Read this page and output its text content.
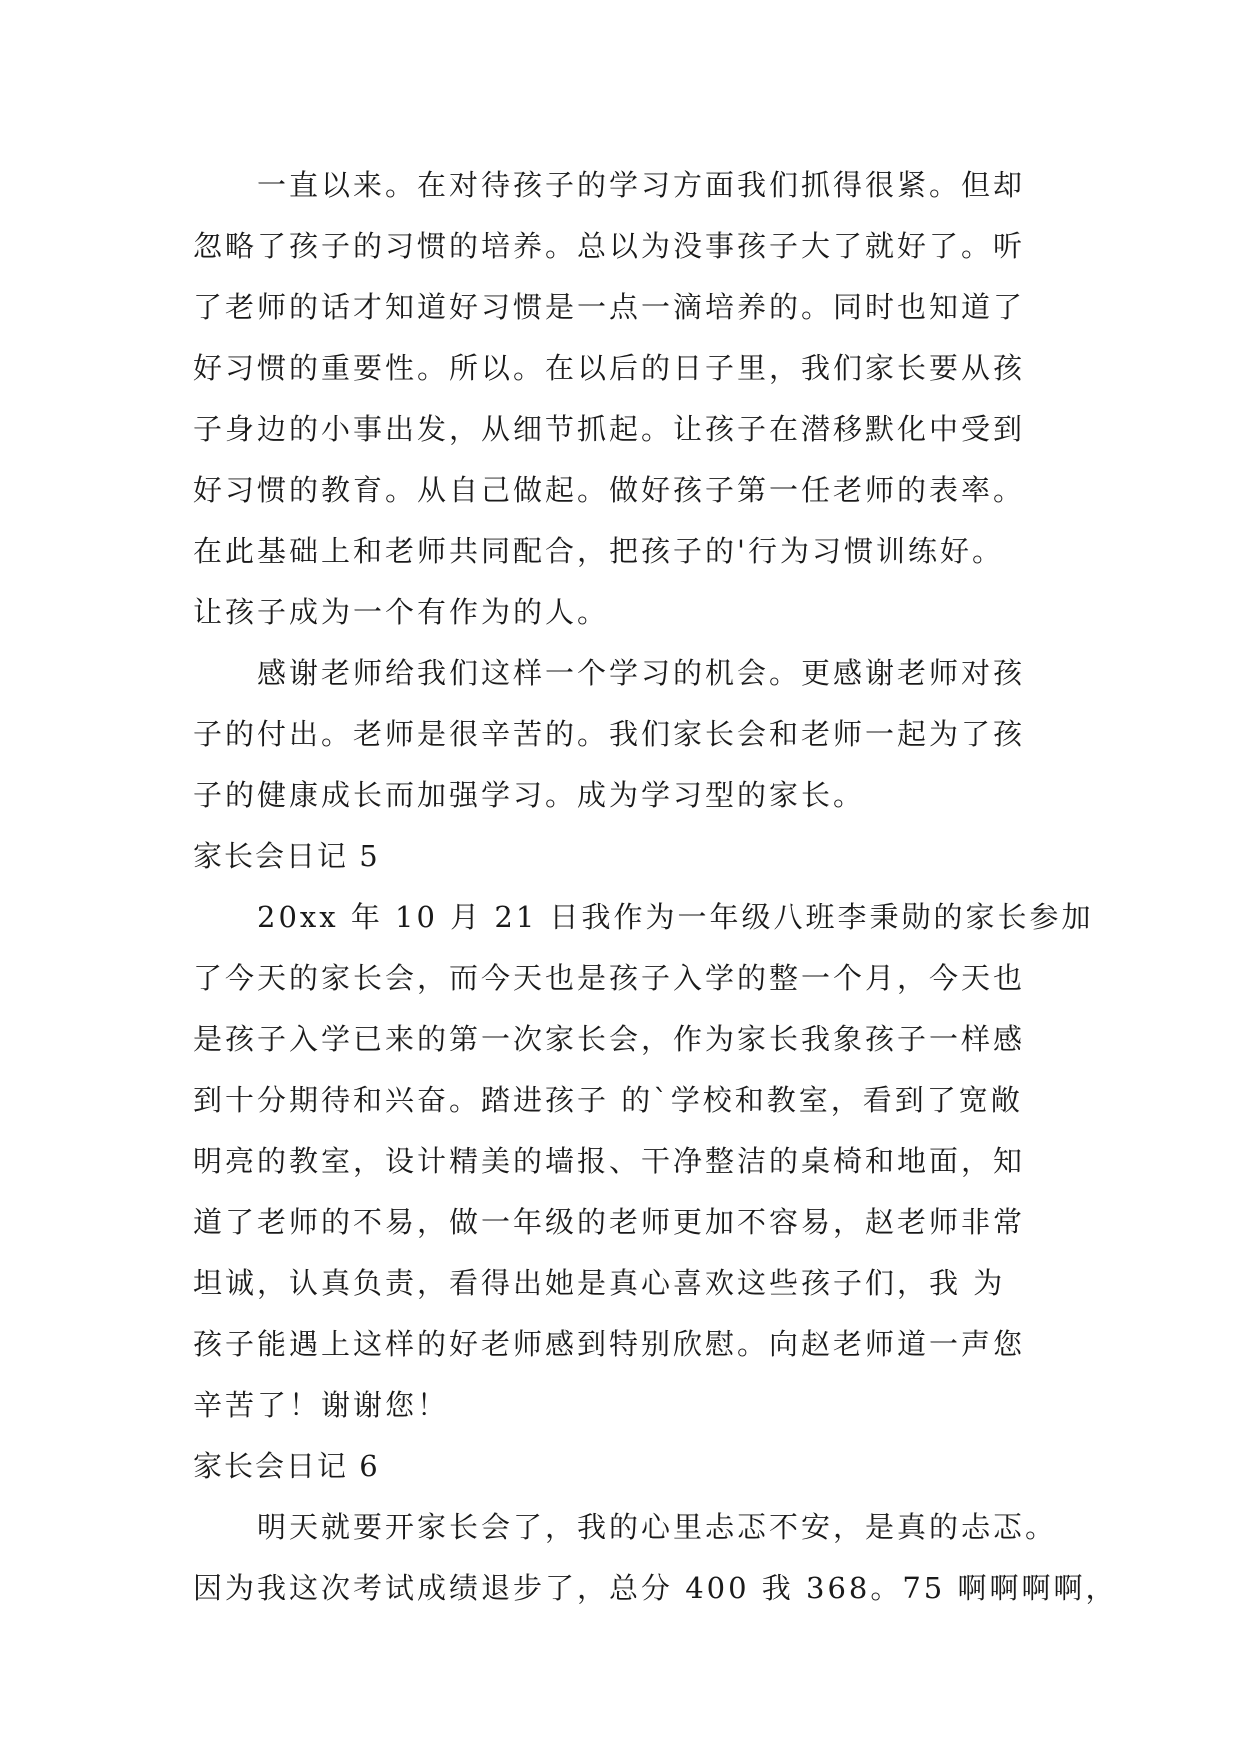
一直以来。在对待孩子的学习方面我们抓得很紧。但却
忽略了孩子的习惯的培养。总以为没事孩子大了就好了。听
了老师的话才知道好习惯是一点一滴培养的。同时也知道了
好习惯的重要性。所以。在以后的日子里，我们家长要从孩
子身边的小事出发，从细节抓起。让孩子在潜移默化中受到
好习惯的教育。从自己做起。做好孩子第一任老师的表率。
在此基础上和老师共同配合，把孩子的'行为习惯训练好。
让孩子成为一个有作为的人。
感谢老师给我们这样一个学习的机会。更感谢老师对孩
子的付出。老师是很辛苦的。我们家长会和老师一起为了孩
子的健康成长而加强学习。成为学习型的家长。
家长会日记 5
20xx 年 10 月 21 日我作为一年级八班李秉勋的家长参加
了今天的家长会，而今天也是孩子入学的整一个月，今天也
是孩子入学已来的第一次家长会，作为家长我象孩子一样感
到十分期待和兴奋。踏进孩子 的`学校和教室，看到了宽敞
明亮的教室，设计精美的墙报、干净整洁的桌椅和地面，知
道了老师的不易，做一年级的老师更加不容易，赵老师非常
坦诚，认真负责，看得出她是真心喜欢这些孩子们，我 为
孩子能遇上这样的好老师感到特别欣慰。向赵老师道一声您
辛苦了！谢谢您！
家长会日记 6
明天就要开家长会了，我的心里忐忑不安，是真的忐忑。
因为我这次考试成绩退步了，总分 400 我 368。75 啊啊啊啊，
